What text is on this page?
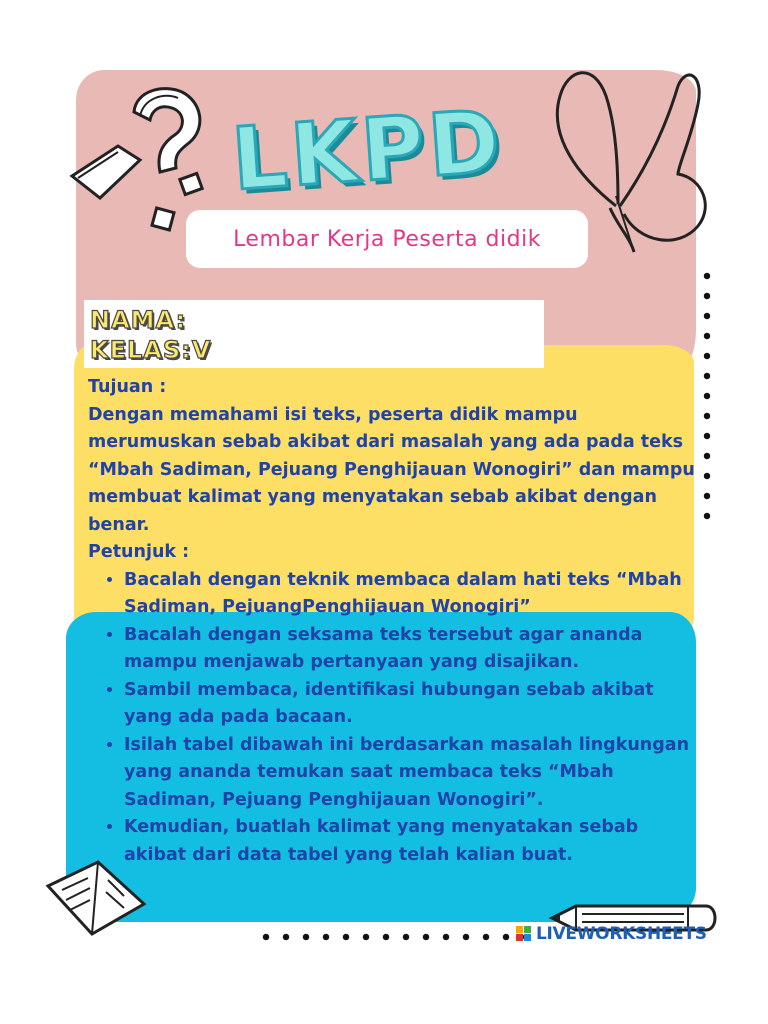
LKPD
Lembar Kerja Peserta didik
NAMA:
KELAS:V

Tujuan :

Dengan memahami isi teks, peserta didik mampu merumuskan sebab akibat dari masalah yang ada pada teks “Mbah Sadiman, Pejuang Penghijauan Wonogiri” dan mampu membuat kalimat yang menyatakan sebab akibat dengan benar.

Petunjuk :

• Bacalah dengan teknik membaca dalam hati teks “Mbah Sadiman, PejuangPenghijauan Wonogiri”
• Bacalah dengan seksama teks tersebut agar ananda mampu menjawab pertanyaan yang disajikan.
• Sambil membaca, identifikasi hubungan sebab akibat yang ada pada bacaan.
• Isilah tabel dibawah ini berdasarkan masalah lingkungan yang ananda temukan saat membaca teks “Mbah Sadiman, Pejuang Penghijauan Wonogiri”.
• Kemudian, buatlah kalimat yang menyatakan sebab akibat dari data tabel yang telah kalian buat.
LIVEWORKSHEETS
